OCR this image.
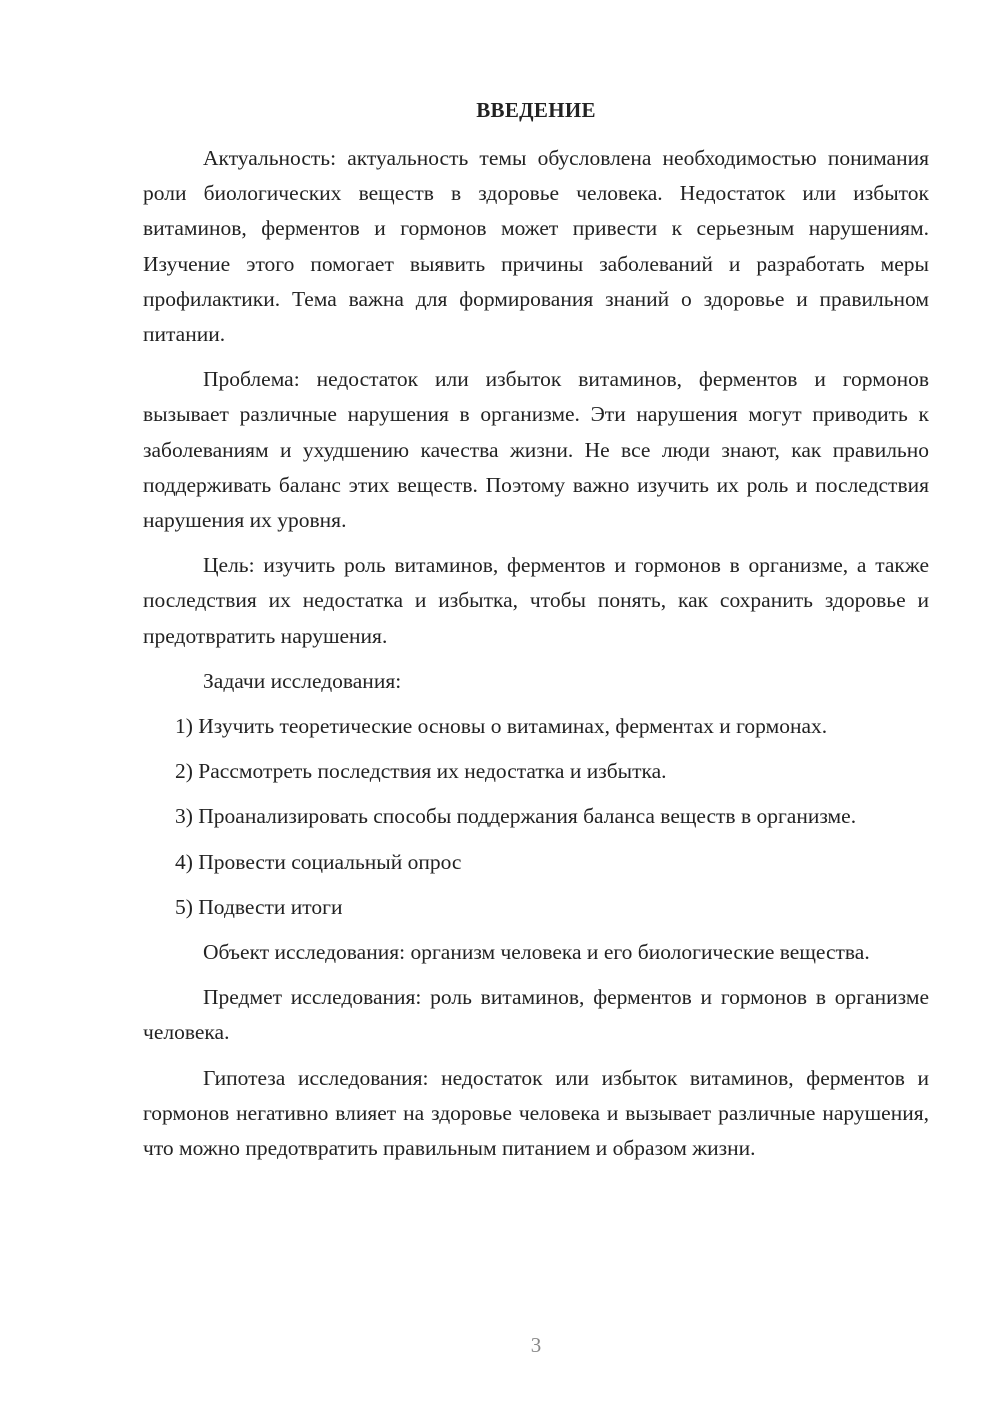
ВВЕДЕНИЕ

Актуальность: актуальность темы обусловлена необходимостью понимания роли биологических веществ в здоровье человека. Недостаток или избыток витаминов, ферментов и гормонов может привести к серьезным нарушениям. Изучение этого помогает выявить причины заболеваний и разработать меры профилактики. Тема важна для формирования знаний о здоровье и правильном питании.

Проблема: недостаток или избыток витаминов, ферментов и гормонов вызывает различные нарушения в организме. Эти нарушения могут приводить к заболеваниям и ухудшению качества жизни. Не все люди знают, как правильно поддерживать баланс этих веществ. Поэтому важно изучить их роль и последствия нарушения их уровня.

Цель: изучить роль витаминов, ферментов и гормонов в организме, а также последствия их недостатка и избытка, чтобы понять, как сохранить здоровье и предотвратить нарушения.

Задачи исследования:

1) Изучить теоретические основы о витаминах, ферментах и гормонах.

2) Рассмотреть последствия их недостатка и избытка.

3) Проанализировать способы поддержания баланса веществ в организме.

4) Провести социальный опрос

5) Подвести итоги

Объект исследования: организм человека и его биологические вещества.

Предмет исследования: роль витаминов, ферментов и гормонов в организме человека.

Гипотеза исследования: недостаток или избыток витаминов, ферментов и гормонов негативно влияет на здоровье человека и вызывает различные нарушения, что можно предотвратить правильным питанием и образом жизни.

3
